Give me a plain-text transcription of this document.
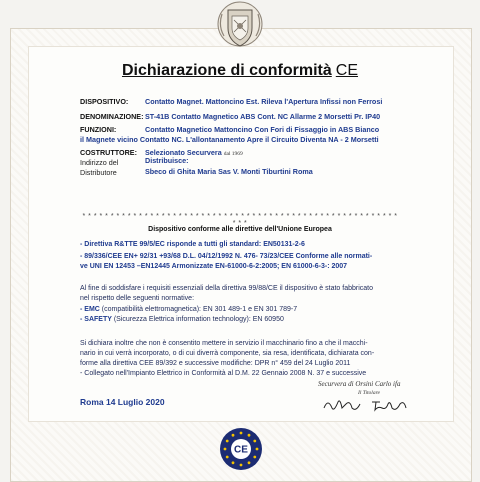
Dichiarazione di conformità CE
DISPOSITIVO: Contatto Magnet. Mattoncino Est. Rileva l'Apertura Infissi non Ferrosi
DENOMINAZIONE: ST-41B Contatto Magnetico ABS Cont. NC Allarme 2 Morsetti Pr. IP40
FUNZIONI:	Contatto Magnetico Mattoncino Con Fori di Fissaggio in ABS Bianco
il Magnete vicino Contatto NC. L'allontanamento Apre il Circuito Diventa NA - 2 Morsetti
COSTRUTTORE: Selezionato Securvera dal 1969
Indirizzo del
Distributore
Distribuisce:
Sbeco di Ghita Maria Sas V. Monti Tiburtini Roma
* * * * * * * * * * * * * * * * * * * * * * * * * * * * * * * * * * * * * * * * * * * * * * * * * * * * * * * * * * *
Dispositivo conforme alle direttive dell'Unione Europea
- Direttiva R&TTE 99/5/EC risponde a tutti gli standard: EN50131-2-6
- 89/336/CEE EN+ 92/31 +93/68 D.L. 04/12/1992 N. 476- 73/23/CEE Conforme alle normati-
ve UNI EN 12453 –EN12445 Armonizzate EN-61000-6-2:2005; EN 61000-6-3-: 2007
Al fine di soddisfare i requisiti essenziali della direttiva 99/88/CE il dispositivo è stato fabbricato
nel rispetto delle seguenti normative:
- EMC (compatibilità elettromagnetica): EN 301 489-1 e EN 301 789-7
- SAFETY (Sicurezza Elettrica information technology): EN 60950
Si dichiara inoltre che non è consentito mettere in servizio il macchinario fino a che il macchi-
nario in cui verrà incorporato, o di cui diverrà componente, sia resa, identificata, dichiarata con-
forme alla direttiva CEE 89/392 e successive modifiche: DPR n° 459 del 24 Luglio 2011
- Collegato nell'Impianto Elettrico in Conformità al D.M. 22 Gennaio 2008 N. 37 e successive
Roma 14 Luglio 2020
Securvera di Orsini Carlo ifa
Il Titolare
CE
